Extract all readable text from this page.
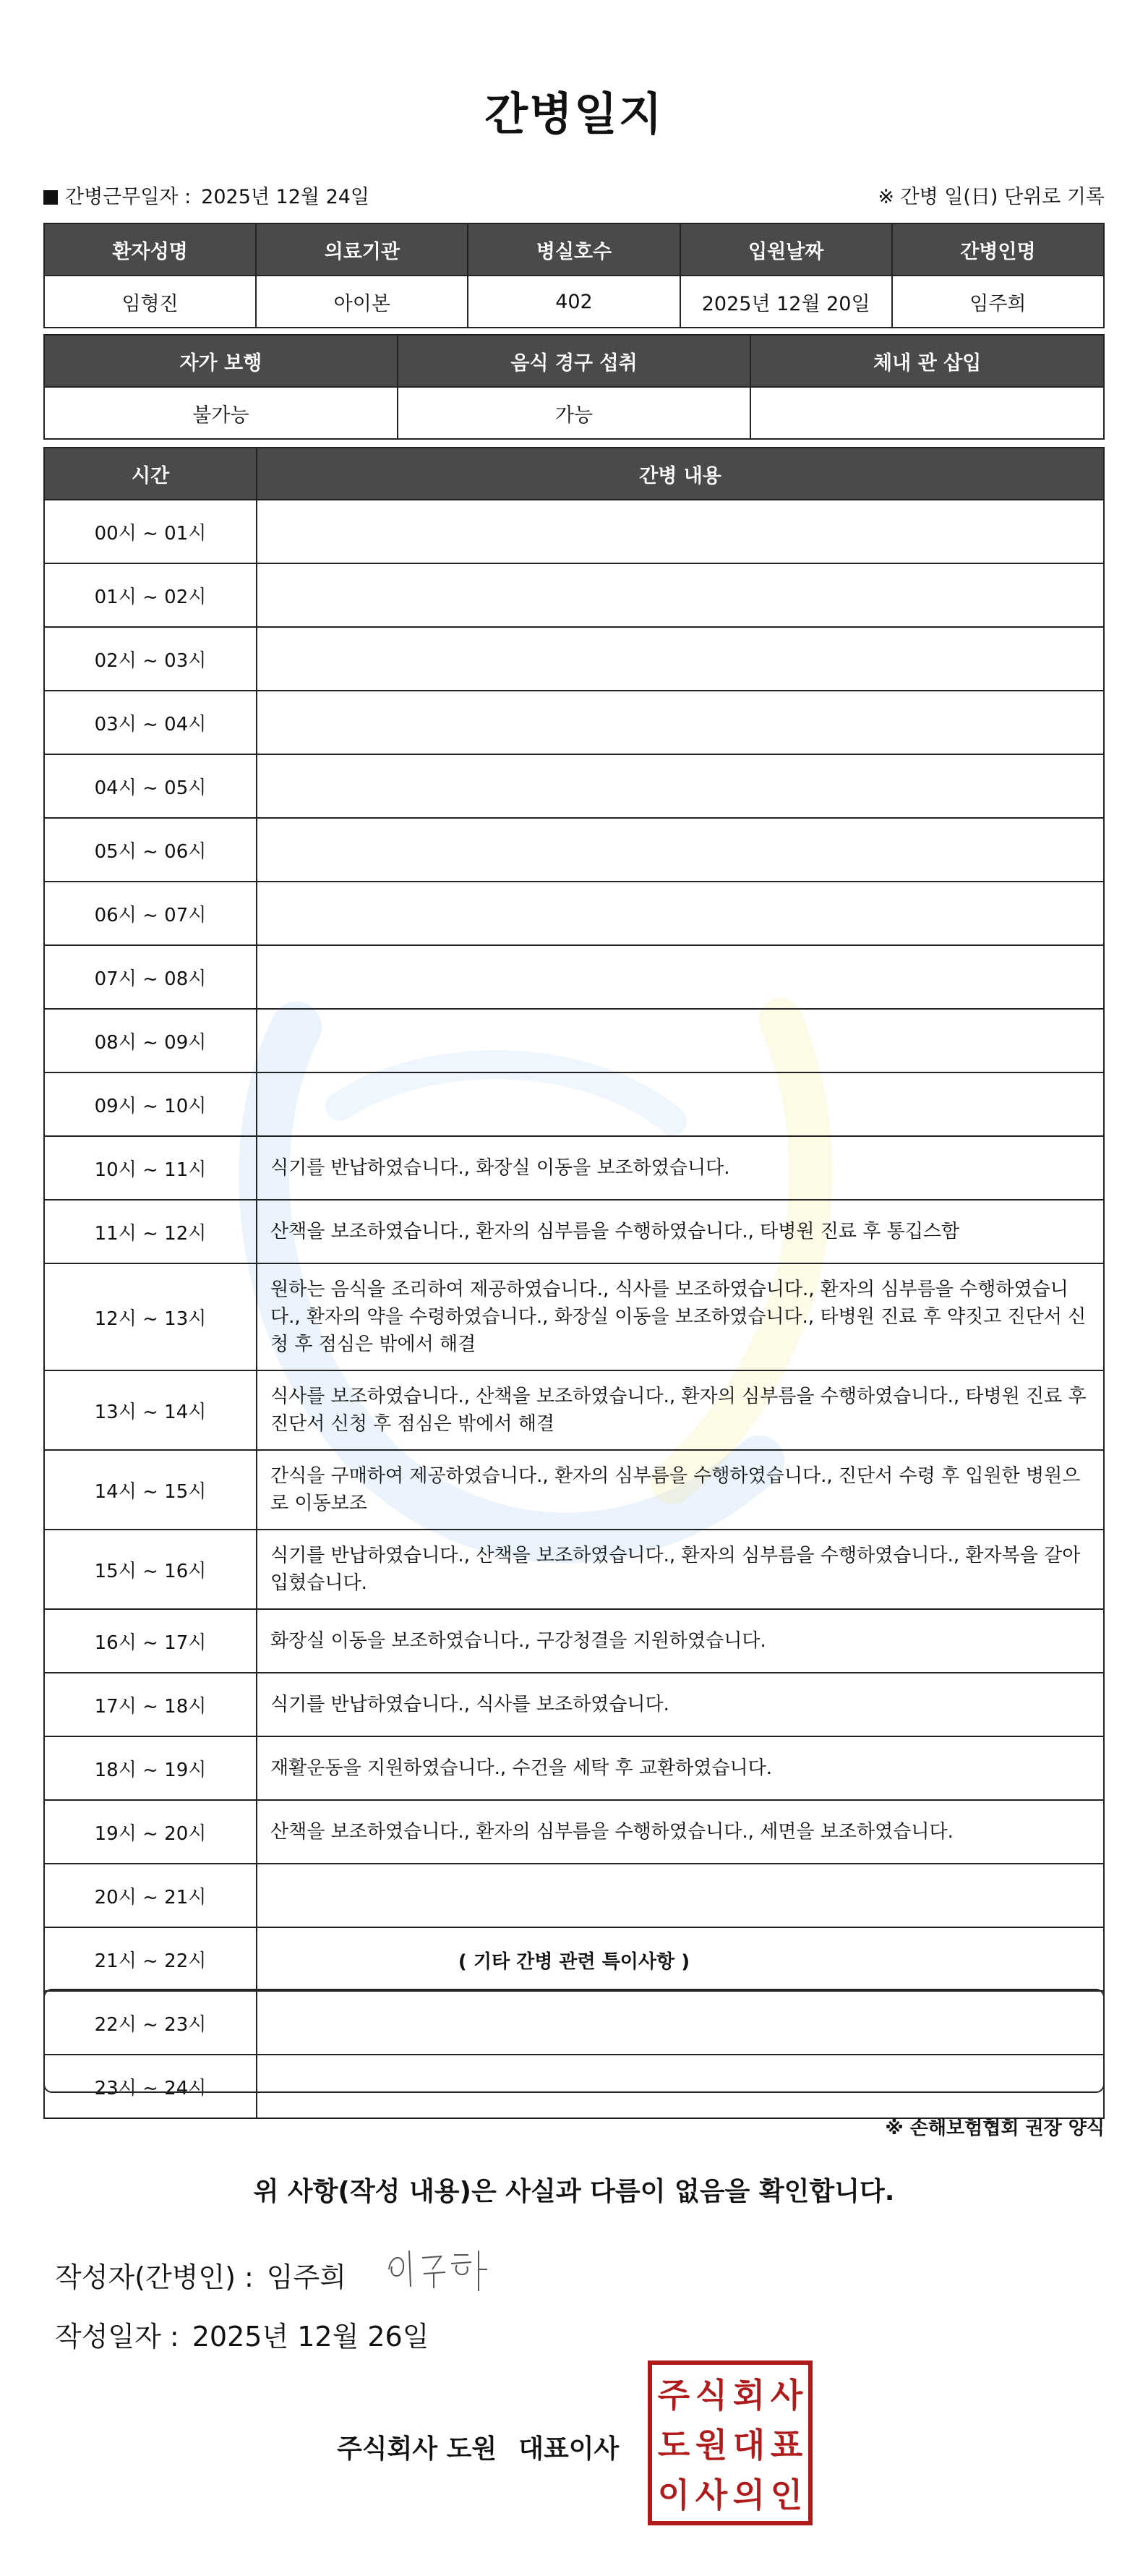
간병일지
간병근무일자 : 2025년 12월 24일	※ 간병 일(日) 단위로 기록
환자성명	의료기관	병실호수	입원날짜	간병인명
임형진	아이본	402	2025년 12월 20일	임주희
자가 보행	음식 경구 섭취	체내 관 삽입
불가능	가능	
시간	간병 내용
00시 ~ 01시	
01시 ~ 02시	
02시 ~ 03시	
03시 ~ 04시	
04시 ~ 05시	
05시 ~ 06시	
06시 ~ 07시	
07시 ~ 08시	
08시 ~ 09시	
09시 ~ 10시	
10시 ~ 11시	식기를 반납하였습니다., 화장실 이동을 보조하였습니다.
11시 ~ 12시	산책을 보조하였습니다., 환자의 심부름을 수행하였습니다., 타병원 진료 후 통깁스함
12시 ~ 13시	원하는 음식을 조리하여 제공하였습니다., 식사를 보조하였습니다., 환자의 심부름을 수행하였습니다., 환자의 약을 수령하였습니다., 화장실 이동을 보조하였습니다., 타병원 진료 후 약짓고 진단서 신청 후 점심은 밖에서 해결
13시 ~ 14시	식사를 보조하였습니다., 산책을 보조하였습니다., 환자의 심부름을 수행하였습니다., 타병원 진료 후 진단서 신청 후 점심은 밖에서 해결
14시 ~ 15시	간식을 구매하여 제공하였습니다., 환자의 심부름을 수행하였습니다., 진단서 수령 후 입원한 병원으로 이동보조
15시 ~ 16시	식기를 반납하였습니다., 산책을 보조하였습니다., 환자의 심부름을 수행하였습니다., 환자복을 갈아입혔습니다.
16시 ~ 17시	화장실 이동을 보조하였습니다., 구강청결을 지원하였습니다.
17시 ~ 18시	식기를 반납하였습니다., 식사를 보조하였습니다.
18시 ~ 19시	재활운동을 지원하였습니다., 수건을 세탁 후 교환하였습니다.
19시 ~ 20시	산책을 보조하였습니다., 환자의 심부름을 수행하였습니다., 세면을 보조하였습니다.
20시 ~ 21시	
21시 ~ 22시	
22시 ~ 23시	
23시 ~ 24시	
( 기타 간병 관련 특이사항 )
※ 손해보험협회 권장 양식
위 사항(작성 내용)은 사실과 다름이 없음을 확인합니다.
작성자(간병인) : 임주희
작성일자 : 2025년 12월 26일
주식회사 도원 대표이사
주 식 회 사
도 원 대 표
이 사 의 인
